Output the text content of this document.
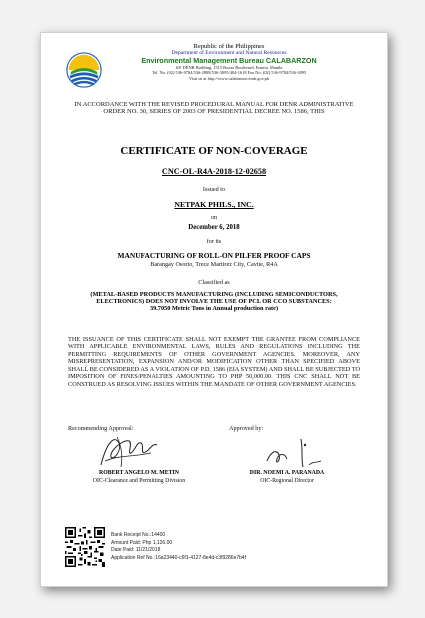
Republic of the Philippines
Department of Environment and Natural Resources
Environmental Management Bureau CALABARZON
6/F DENR Building, 1515 Roxas Boulevard, Ermita, Manila
Tel. No. (02) 536-9784/536-2808/536-3095/404-1618 Fax No. (02) 536-9784/536-3095
Visit us at http://www.calabarzon.emb.gov.ph
IN ACCORDANCE WITH THE REVISED PROCEDURAL MANUAL FOR DENR ADMINISTRATIVE ORDER NO. 30, SERIES OF 2003 OF PRESIDENTIAL DECREE NO. 1586, THIS
CERTIFICATE OF NON-COVERAGE
CNC-OL-R4A-2018-12-02658
Issued to
NETPAK PHILS., INC.
on
December 6, 2018
for its
MANUFACTURING OF ROLL-ON PILFER PROOF CAPS
Barangay Osorio, Trece Martirez City, Cavite, R4A
Classified as
(METAL-BASED PRODUCTS MANUFACTURING (INCLUDING SEMICONDUCTORS, ELECTRONICS) DOES NOT INVOLVE THE USE OF PCL OR CCO SUBSTANCES:
39.7050 Metric Tons in Annual production rate)
THE ISSUANCE OF THIS CERTIFICATE SHALL NOT EXEMPT THE GRANTEE FROM COMPLIANCE WITH APPLICABLE ENVIRONMENTAL LAWS, RULES AND REGULATIONS INCLUDING THE PERMITTING REQUIREMENTS OF OTHER GOVERNMENT AGENCIES. MOREOVER, ANY MISREPRESENTATION, EXPANSION AND/OR MODIFICATION OTHER THAN SPECIFIED ABOVE SHALL BE CONSIDERED AS A VIOLATION OF P.D. 1586 (EIA SYSTEM) AND SHALL BE SUBJECTED TO IMPOSITION OF FINES/PENALTIES AMOUNTING TO PHP 50,000.00. THIS CNC SHALL NOT BE CONSTRUED AS RESOLVING ISSUES WITHIN THE MANDATE OF OTHER GOVERNMENT AGENCIES.
Recommending Approval:	Approved by:
ROBERT ANGELO M. METIN
OIC-Clearance and Permitting Division
DIR. NOEMI A. PARANADA
OIC-Regional Director
Bank Receipt No.:14400
Amount Paid: Php 1,126.00
Date Paid: 11/21/2018
Application Ref No.:16a23440-c6f1-4127-8e4d-c3f9286e7b4f
